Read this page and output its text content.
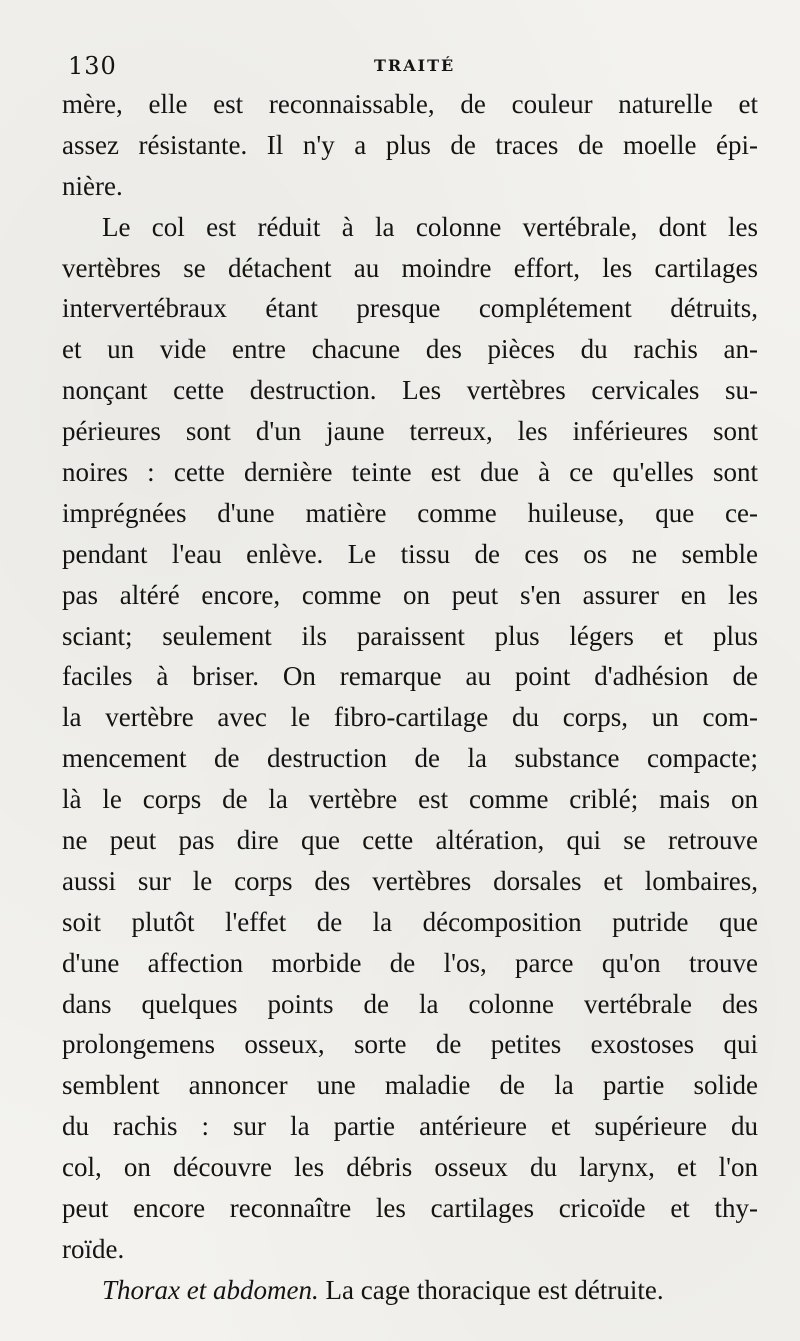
130	TRAITÉ
mère, elle est reconnaissable, de couleur naturelle et
assez résistante. Il n'y a plus de traces de moelle épi-
nière.
Le col est réduit à la colonne vertébrale, dont les
vertèbres se détachent au moindre effort, les cartilages
intervertébraux étant presque complétement détruits,
et un vide entre chacune des pièces du rachis an-
nonçant cette destruction. Les vertèbres cervicales su-
périeures sont d'un jaune terreux, les inférieures sont
noires : cette dernière teinte est due à ce qu'elles sont
imprégnées d'une matière comme huileuse, que ce-
pendant l'eau enlève. Le tissu de ces os ne semble
pas altéré encore, comme on peut s'en assurer en les
sciant; seulement ils paraissent plus légers et plus
faciles à briser. On remarque au point d'adhésion de
la vertèbre avec le fibro-cartilage du corps, un com-
mencement de destruction de la substance compacte;
là le corps de la vertèbre est comme criblé; mais on
ne peut pas dire que cette altération, qui se retrouve
aussi sur le corps des vertèbres dorsales et lombaires,
soit plutôt l'effet de la décomposition putride que
d'une affection morbide de l'os, parce qu'on trouve
dans quelques points de la colonne vertébrale des
prolongemens osseux, sorte de petites exostoses qui
semblent annoncer une maladie de la partie solide
du rachis : sur la partie antérieure et supérieure du
col, on découvre les débris osseux du larynx, et l'on
peut encore reconnaître les cartilages cricoïde et thy-
roïde.
Thorax et abdomen. La cage thoracique est détruite.
